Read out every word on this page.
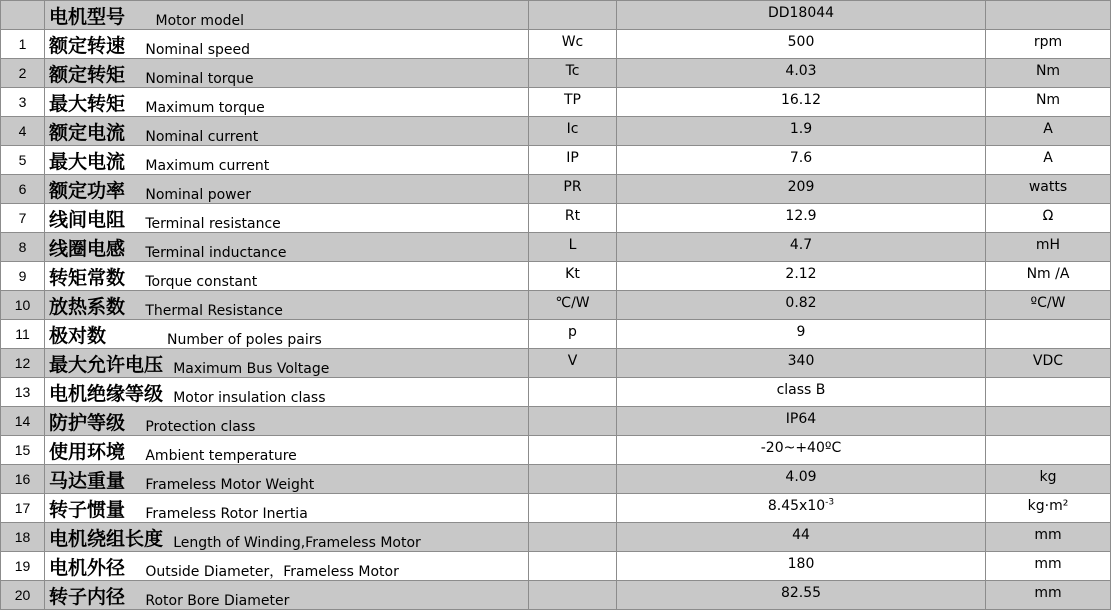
	电机型号 Motor model		DD18044	
1	额定转速 Nominal speed	Wc	500	rpm
2	额定转矩 Nominal torque	Tc	4.03	Nm
3	最大转矩 Maximum torque	TP	16.12	Nm
4	额定电流 Nominal current	Ic	1.9	A
5	最大电流 Maximum current	IP	7.6	A
6	额定功率 Nominal power	PR	209	watts
7	线间电阻 Terminal resistance	Rt	12.9	Ω
8	线圈电感 Terminal inductance	L	4.7	mH
9	转矩常数 Torque constant	Kt	2.12	Nm /A
10	放热系数 Thermal Resistance	℃/W	0.82	ºC/W
11	极对数 Number of poles pairs	p	9	
12	最大允许电压 Maximum Bus Voltage	V	340	VDC
13	电机绝缘等级 Motor insulation class		class B	
14	防护等级 Protection class		IP64	
15	使用环境 Ambient temperature		-20~+40ºC	
16	马达重量 Frameless Motor Weight		4.09	kg
17	转子惯量 Frameless Rotor Inertia		$8.45x10^{-3}$	kg·m²
18	电机绕组长度 Length of Winding,Frameless Motor		44	mm
19	电机外径 Outside Diameter，Frameless Motor		180	mm
20	转子内径 Rotor Bore Diameter		82.55	mm
